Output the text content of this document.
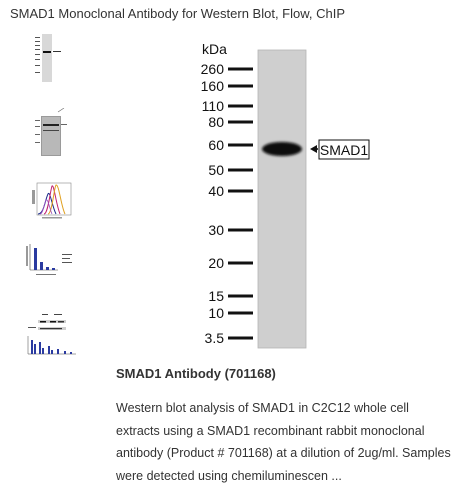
SMAD1 Monoclonal Antibody for Western Blot, Flow, ChIP
kDa
260
160
110
80
60
50
40
30
20
15
10
3.5
SMAD1
SMAD1 Antibody (701168)
Western blot analysis of SMAD1 in C2C12 whole cell extracts using a SMAD1 recombinant rabbit monoclonal antibody (Product # 701168) at a dilution of 2ug/ml. Samples were detected using chemiluminescen ...
